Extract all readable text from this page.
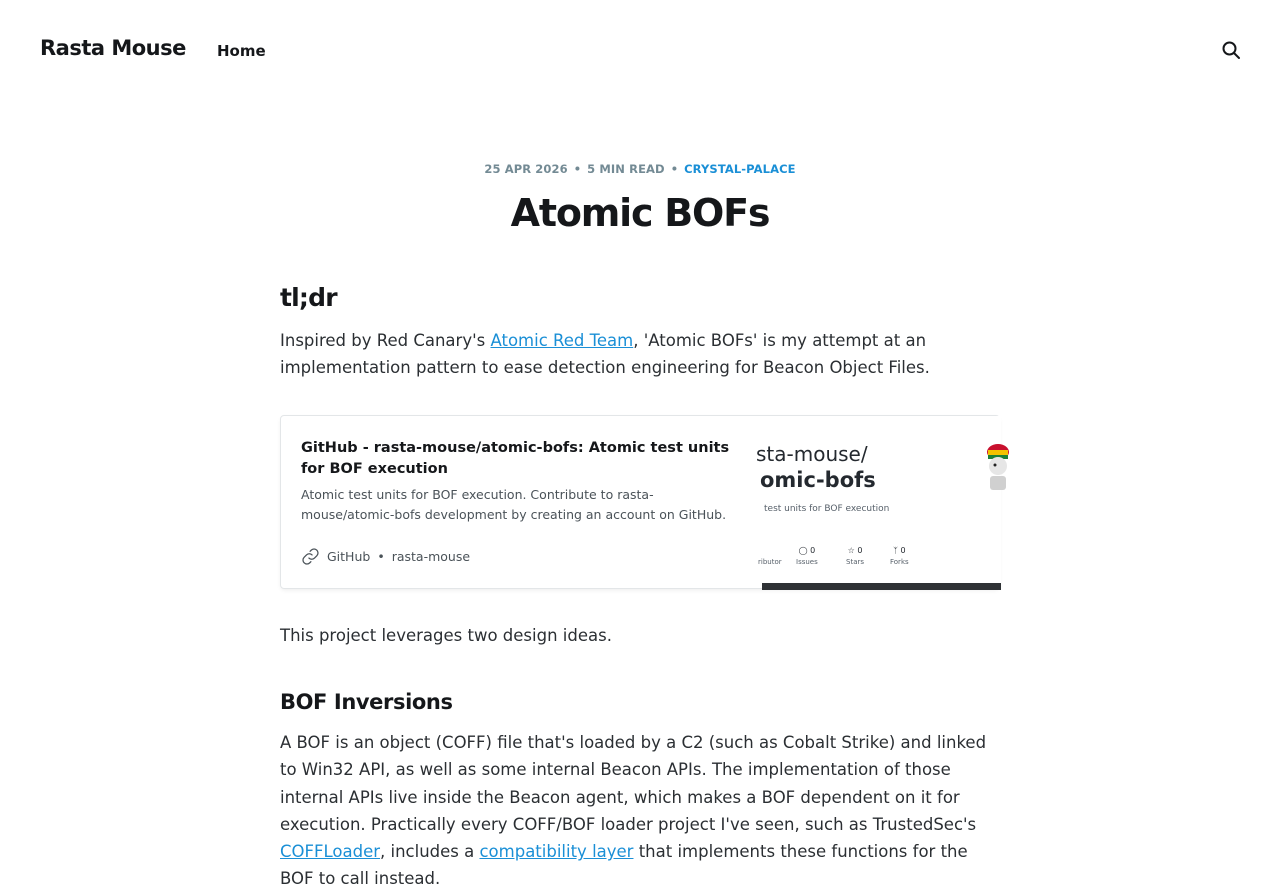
Rasta Mouse Home
25 APR 2026 • 5 MIN READ • CRYSTAL-PALACE
Atomic BOFs
tl;dr

Inspired by Red Canary's Atomic Red Team, 'Atomic BOFs' is my attempt at an implementation pattern to ease detection engineering for Beacon Object Files.

GitHub - rasta-mouse/atomic-bofs: Atomic test units for BOF execution
Atomic test units for BOF execution. Contribute to rasta-mouse/atomic-bofs development by creating an account on GitHub.
GitHub • rasta-mouse
sta-mouse/
omic-bofs
test units for BOF execution

ributor
◯ 0
Issues
☆ 0
Stars
ᛉ 0
Forks

This project leverages two design ideas.

BOF Inversions

A BOF is an object (COFF) file that's loaded by a C2 (such as Cobalt Strike) and linked to Win32 API, as well as some internal Beacon APIs. The implementation of those internal APIs live inside the Beacon agent, which makes a BOF dependent on it for execution. Practically every COFF/BOF loader project I've seen, such as TrustedSec's COFFLoader, includes a compatibility layer that implements these functions for the BOF to call instead.
